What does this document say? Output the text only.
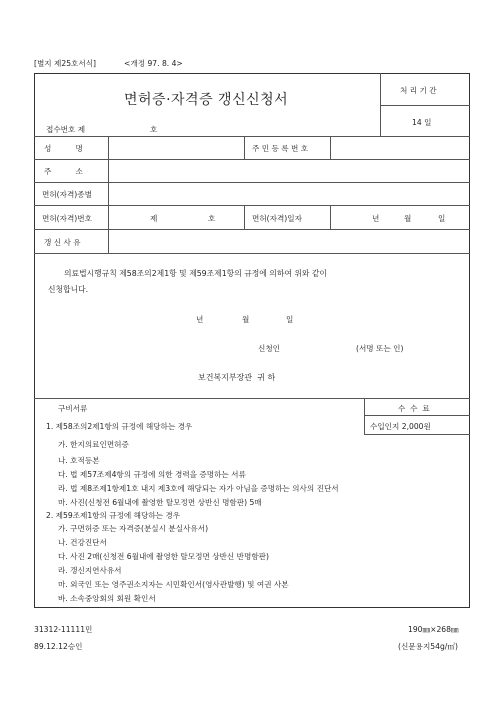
[별지 제25호서식]	<개정 97. 8. 4>
면허증·자격증 갱신신청서
처 리 기 간
14 일
접수번호 제	호
성          명	주 민 등 록 번 호
주          소
면허(자격)종별
면허(자격)번호	제	호	면허(자격)일자	년	월	일
갱 신 사 유
의료법시행규칙 제58조의2제1항 및 제59조제1항의 규정에 의하여 위와 같이
신청합니다.
년	월	일
신청인	(서명 또는 인)
보건복지부장관  귀 하
구비서류	수  수  료
수입인지 2,000원
1. 제58조의2제1항의 규정에 해당하는 경우
가. 한지의료인면허증
나. 호적등본
다. 법 제57조제4항의 규정에 의한 경력을 증명하는 서류
라. 법 제8조제1항제1호 내지 제3호에 해당되는 자가 아님을 증명하는 의사의 진단서
마. 사진(신청전 6월내에 촬영한 탈모정면 상반신 명함판) 5매
2. 제59조제1항의 규정에 해당하는 경우
가. 구면허증 또는 자격증(분실시 분실사유서)
나. 건강진단서
다. 사진 2매(신청전 6월내에 촬영한 탈모정면 상반신 반명함판)
라. 갱신지연사유서
마. 외국인 또는 영주권소지자는 시민확인서(영사관발행) 및 여권 사본
바. 소속중앙회의 회원 확인서
31312-11111민
89.12.12승인
190㎜×268㎜
(신문용지54g/㎡)
